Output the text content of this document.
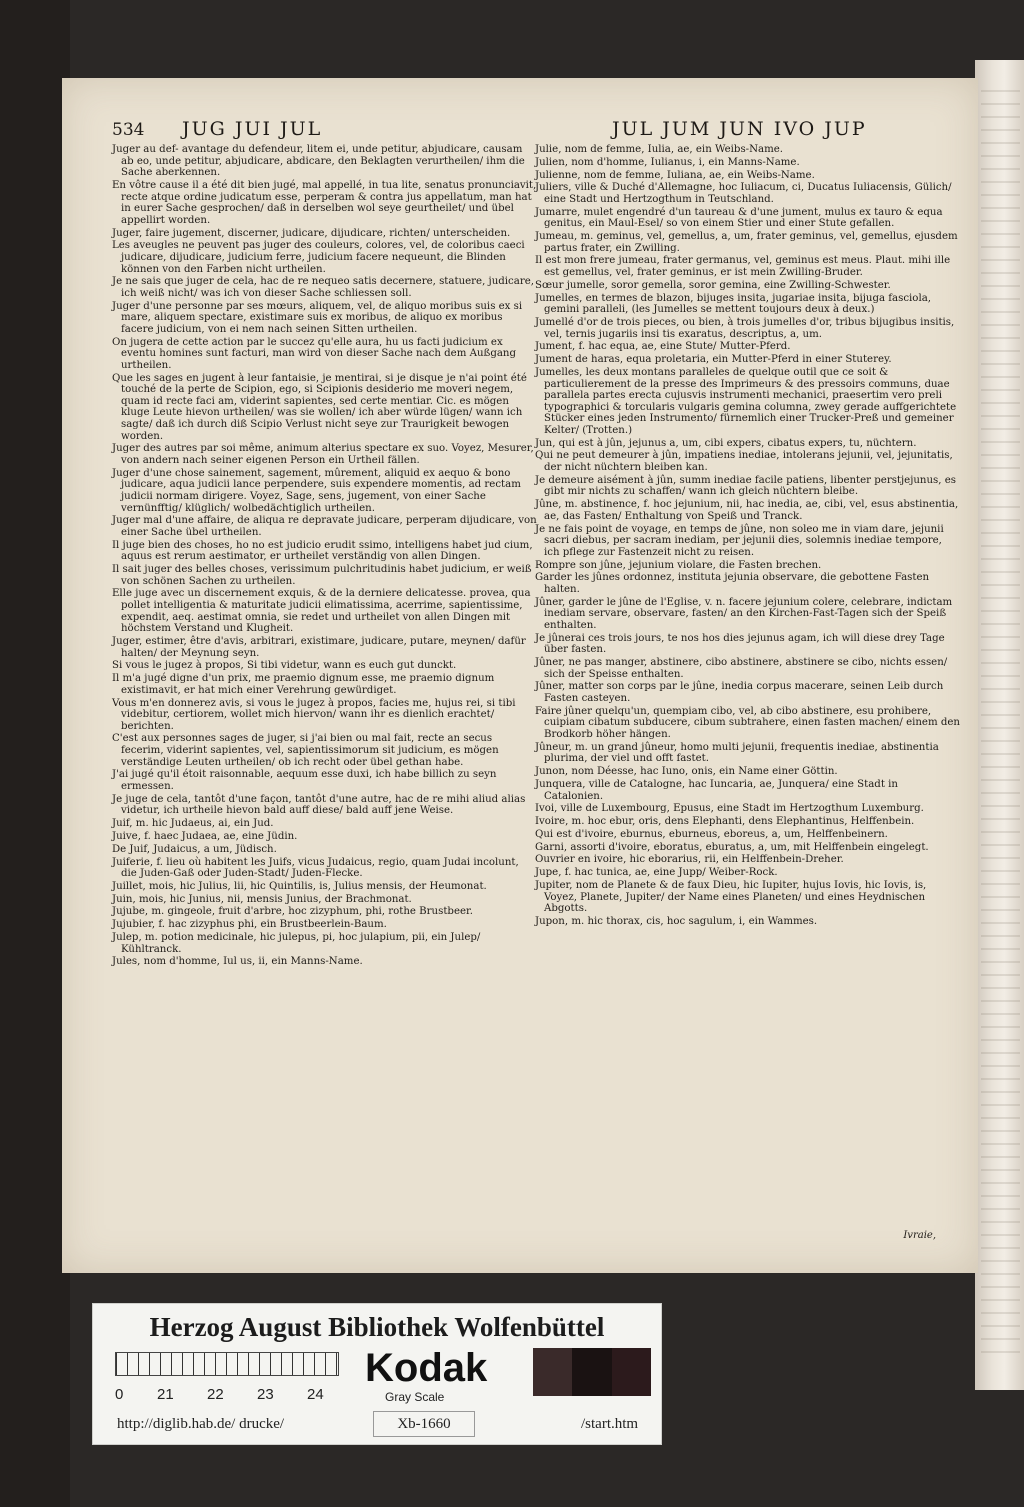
534 JUG JUI JUL	JUL JUM JUN IVO JUP
Juger au def- avantage du defendeur, litem ei, unde petitur, abjudicare, causam ab eo, unde petitur, abjudicare, abdicare, den Beklagten verurtheilen/ ihm die Sache aberkennen.
En vôtre cause il a été dit bien jugé, mal appellé, in tua lite, senatus pronunciavit, recte atque ordine judicatum esse, perperam & contra jus appellatum, man hat in eurer Sache gesprochen/ daß in derselben wol seye geurtheilet/ und übel appellirt worden.
Juger, faire jugement, discerner, judicare, dijudicare, richten/ unterscheiden.
Les aveugles ne peuvent pas juger des couleurs, colores, vel, de coloribus caeci judicare, dijudicare, judicium ferre, judicium facere nequeunt, die Blinden können von den Farben nicht urtheilen.
Je ne sais que juger de cela, hac de re nequeo satis decernere, statuere, judicare, ich weiß nicht/ was ich von dieser Sache schliessen soll.
Juger d'une personne par ses mœurs, aliquem, vel, de aliquo moribus suis ex si mare, aliquem spectare, existimare suis ex moribus, de aliquo ex moribus facere judicium, von ei nem nach seinen Sitten urtheilen.
On jugera de cette action par le succez qu'elle aura, hu us facti judicium ex eventu homines sunt facturi, man wird von dieser Sache nach dem Außgang urtheilen.
Que les sages en jugent à leur fantaisie, je mentirai, si je disque je n'ai point été touché de la perte de Scipion, ego, si Scipionis desiderio me moveri negem, quam id recte faci am, viderint sapientes, sed certe mentiar. Cic. es mögen kluge Leute hievon urtheilen/ was sie wollen/ ich aber würde lügen/ wann ich sagte/ daß ich durch diß Scipio Verlust nicht seye zur Traurigkeit bewogen worden.
Juger des autres par soi même, animum alterius spectare ex suo. Voyez, Mesurer, von andern nach seiner eigenen Person ein Urtheil fällen.
Juger d'une chose sainement, sagement, mûrement, aliquid ex aequo & bono judicare, aqua judicii lance perpendere, suis expendere momentis, ad rectam judicii normam dirigere. Voyez, Sage, sens, jugement, von einer Sache vernünfftig/ klüglich/ wolbedächtiglich urtheilen.
Juger mal d'une affaire, de aliqua re depravate judicare, perperam dijudicare, von einer Sache übel urtheilen.
Il juge bien des choses, ho no est judicio erudit ssimo, intelligens habet jud cium, aquus est rerum aestimator, er urtheilet verständig von allen Dingen.
Il sait juger des belles choses, verissimum pulchritudinis habet judicium, er weiß von schönen Sachen zu urtheilen.
Elle juge avec un discernement exquis, & de la derniere delicatesse. provea, qua pollet intelligentia & maturitate judicii elimatissima, acerrime, sapientissime, expendit, aeq. aestimat omnia, sie redet und urtheilet von allen Dingen mit höchstem Verstand und Klugheit.
Juger, estimer, être d'avis, arbitrari, existimare, judicare, putare, meynen/ dafür halten/ der Meynung seyn.
Si vous le jugez à propos, Si tibi videtur, wann es euch gut dunckt.
Il m'a jugé digne d'un prix, me praemio dignum esse, me praemio dignum existimavit, er hat mich einer Verehrung gewürdiget.
Vous m'en donnerez avis, si vous le jugez à propos, facies me, hujus rei, si tibi videbitur, certiorem, wollet mich hiervon/ wann ihr es dienlich erachtet/ berichten.
C'est aux personnes sages de juger, si j'ai bien ou mal fait, recte an secus fecerim, viderint sapientes, vel, sapientissimorum sit judicium, es mögen verständige Leuten urtheilen/ ob ich recht oder übel gethan habe.
J'ai jugé qu'il étoit raisonnable, aequum esse duxi, ich habe billich zu seyn ermessen.
Je juge de cela, tantôt d'une façon, tantôt d'une autre, hac de re mihi aliud alias videtur, ich urtheile hievon bald auff diese/ bald auff jene Weise.
Juif, m. hic Judaeus, ai, ein Jud.
Juive, f. haec Judaea, ae, eine Jüdin.
De Juif, Judaicus, a um, Jüdisch.
Juiferie, f. lieu où habitent les Juifs, vicus Judaicus, regio, quam Judai incolunt, die Juden-Gaß oder Juden-Stadt/ Juden-Flecke.
Juillet, mois, hic Julius, lii, hic Quintilis, is, Julius mensis, der Heumonat.
Juin, mois, hic Junius, nii, mensis Junius, der Brachmonat.
Jujube, m. gingeole, fruit d'arbre, hoc zizyphum, phi, rothe Brustbeer.
Jujubier, f. hac zizyphus phi, ein Brustbeerlein-Baum.
Julep, m. potion medicinale, hic julepus, pi, hoc julapium, pii, ein Julep/ Kühltranck.
Jules, nom d'homme, Iul us, ii, ein Manns-Name.
Julie, nom de femme, Iulia, ae, ein Weibs-Name.
Julien, nom d'homme, Iulianus, i, ein Manns-Name.
Julienne, nom de femme, Iuliana, ae, ein Weibs-Name.
Juliers, ville & Duché d'Allemagne, hoc Iuliacum, ci, Ducatus Iuliacensis, Gülich/ eine Stadt und Hertzogthum in Teutschland.
Jumarre, mulet engendré d'un taureau & d'une jument, mulus ex tauro & equa genitus, ein Maul-Esel/ so von einem Stier und einer Stute gefallen.
Jumeau, m. geminus, vel, gemellus, a, um, frater geminus, vel, gemellus, ejusdem partus frater, ein Zwilling.
Il est mon frere jumeau, frater germanus, vel, geminus est meus. Plaut. mihi ille est gemellus, vel, frater geminus, er ist mein Zwilling-Bruder.
Sœur jumelle, soror gemella, soror gemina, eine Zwilling-Schwester.
Jumelles, en termes de blazon, bijuges insita, jugariae insita, bijuga fasciola, gemini paralleli, (les Jumelles se mettent toujours deux à deux.)
Jumellé d'or de trois pieces, ou bien, à trois jumelles d'or, tribus bijugibus insitis, vel, ternis jugariis insi tis exaratus, descriptus, a, um.
Jument, f. hac equa, ae, eine Stute/ Mutter-Pferd.
Jument de haras, equa proletaria, ein Mutter-Pferd in einer Stuterey.
Jumelles, les deux montans paralleles de quelque outil que ce soit & particulierement de la presse des Imprimeurs & des pressoirs communs, duae parallela partes erecta cujusvis instrumenti mechanici, praesertim vero preli typographici & torcularis vulgaris gemina columna, zwey gerade auffgerichtete Stücker eines jeden Instrumento/ fürnemlich einer Trucker-Preß und gemeiner Kelter/ (Trotten.)
Jun, qui est à jûn, jejunus a, um, cibi expers, cibatus expers, tu, nüchtern.
Qui ne peut demeurer à jûn, impatiens inediae, intolerans jejunii, vel, jejunitatis, der nicht nüchtern bleiben kan.
Je demeure aisément à jûn, summ inediae facile patiens, libenter perstjejunus, es gibt mir nichts zu schaffen/ wann ich gleich nüchtern bleibe.
Jûne, m. abstinence, f. hoc jejunium, nii, hac inedia, ae, cibi, vel, esus abstinentia, ae, das Fasten/ Enthaltung von Speiß und Tranck.
Je ne fais point de voyage, en temps de jûne, non soleo me in viam dare, jejunii sacri diebus, per sacram inediam, per jejunii dies, solemnis inediae tempore, ich pflege zur Fastenzeit nicht zu reisen.
Rompre son jûne, jejunium violare, die Fasten brechen.
Garder les jûnes ordonnez, instituta jejunia observare, die gebottene Fasten halten.
Jûner, garder le jûne de l'Eglise, v. n. facere jejunium colere, celebrare, indictam inediam servare, observare, fasten/ an den Kirchen-Fast-Tagen sich der Speiß enthalten.
Je jûnerai ces trois jours, te nos hos dies jejunus agam, ich will diese drey Tage über fasten.
Jûner, ne pas manger, abstinere, cibo abstinere, abstinere se cibo, nichts essen/ sich der Speisse enthalten.
Jûner, matter son corps par le jûne, inedia corpus macerare, seinen Leib durch Fasten casteyen.
Faire jûner quelqu'un, quempiam cibo, vel, ab cibo abstinere, esu prohibere, cuipiam cibatum subducere, cibum subtrahere, einen fasten machen/ einem den Brodkorb höher hängen.
Jûneur, m. un grand jûneur, homo multi jejunii, frequentis inediae, abstinentia plurima, der viel und offt fastet.
Junon, nom Déesse, hac Iuno, onis, ein Name einer Göttin.
Junquera, ville de Catalogne, hac Iuncaria, ae, Junquera/ eine Stadt in Catalonien.
Ivoi, ville de Luxembourg, Epusus, eine Stadt im Hertzogthum Luxemburg.
Ivoire, m. hoc ebur, oris, dens Elephanti, dens Elephantinus, Helffenbein.
Qui est d'ivoire, eburnus, eburneus, eboreus, a, um, Helffenbeinern.
Garni, assorti d'ivoire, eboratus, eburatus, a, um, mit Helffenbein eingelegt.
Ouvrier en ivoire, hic eborarius, rii, ein Helffenbein-Dreher.
Jupe, f. hac tunica, ae, eine Jupp/ Weiber-Rock.
Jupiter, nom de Planete & de faux Dieu, hic Iupiter, hujus Iovis, hic Iovis, is, Voyez, Planete, Jupiter/ der Name eines Planeten/ und eines Heydnischen Abgotts.
Jupon, m. hic thorax, cis, hoc sagulum, i, ein Wammes.
Ivraie,
Herzog August Bibliothek Wolfenbüttel
0 21 22 23 24
Kodak
Gray Scale
http://diglib.hab.de/ drucke/	Xb-1660	/start.htm
